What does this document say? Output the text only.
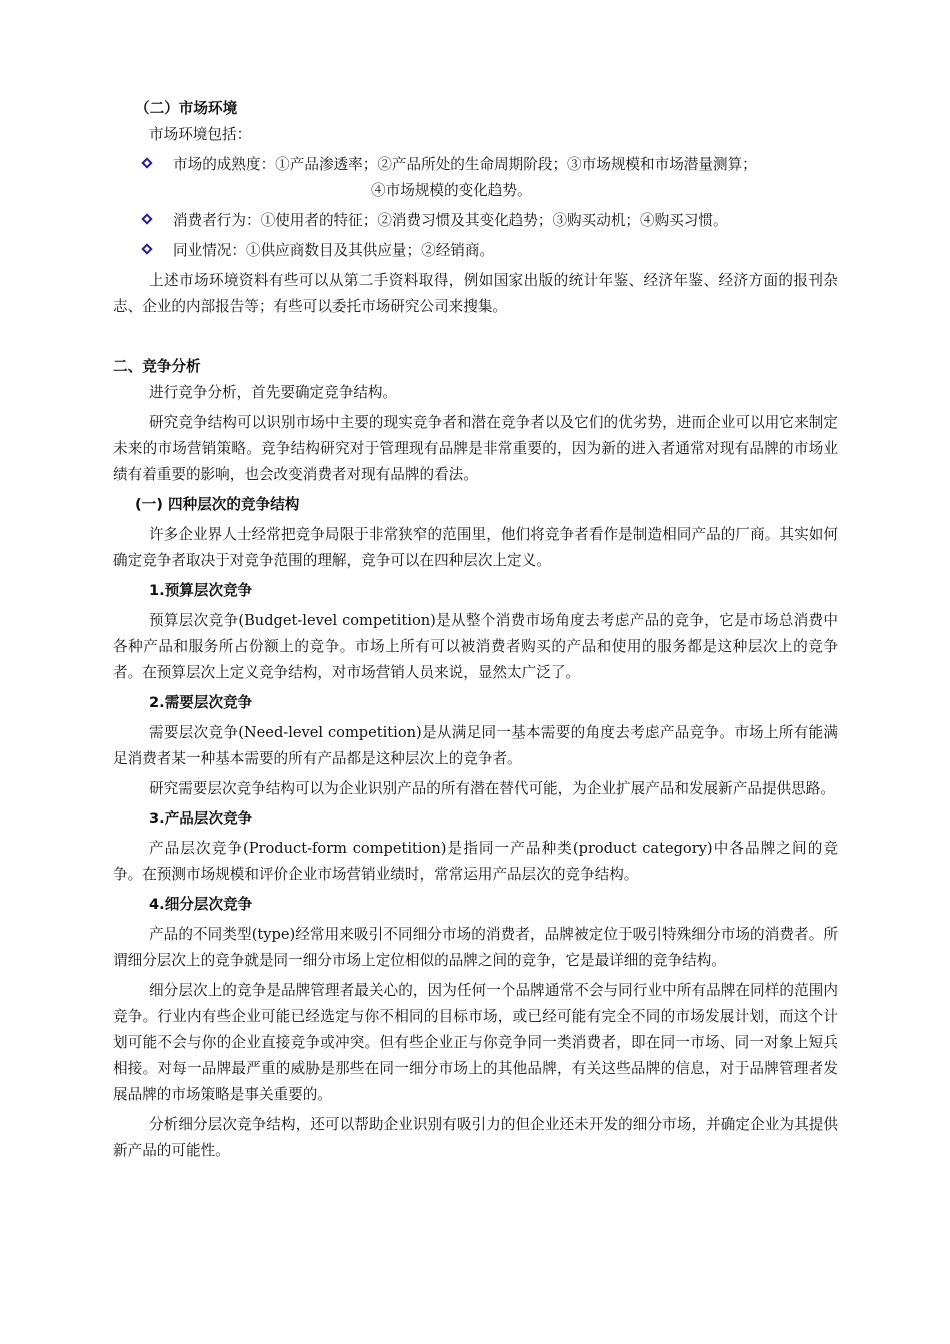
（二）市场环境

市场环境包括：

市场的成熟度：①产品渗透率；②产品所处的生命周期阶段；③市场规模和市场潜量测算；

④市场规模的变化趋势。

消费者行为：①使用者的特征；②消费习惯及其变化趋势；③购买动机；④购买习惯。

同业情况：①供应商数目及其供应量；②经销商。

上述市场环境资料有些可以从第二手资料取得，例如国家出版的统计年鉴、经济年鉴、经济方面的报刊杂志、企业的内部报告等；有些可以委托市场研究公司来搜集。

二、竞争分析

进行竞争分析，首先要确定竞争结构。

研究竞争结构可以识别市场中主要的现实竞争者和潜在竞争者以及它们的优劣势，进而企业可以用它来制定未来的市场营销策略。竞争结构研究对于管理现有品牌是非常重要的，因为新的进入者通常对现有品牌的市场业绩有着重要的影响，也会改变消费者对现有品牌的看法。

(一) 四种层次的竞争结构

许多企业界人士经常把竞争局限于非常狭窄的范围里，他们将竞争者看作是制造相同产品的厂商。其实如何确定竞争者取决于对竞争范围的理解，竞争可以在四种层次上定义。

1.预算层次竞争

预算层次竞争(Budget-level competition)是从整个消费市场角度去考虑产品的竞争，它是市场总消费中各种产品和服务所占份额上的竞争。市场上所有可以被消费者购买的产品和使用的服务都是这种层次上的竞争者。在预算层次上定义竞争结构，对市场营销人员来说，显然太广泛了。

2.需要层次竞争

需要层次竞争(Need-level competition)是从满足同一基本需要的角度去考虑产品竞争。市场上所有能满足消费者某一种基本需要的所有产品都是这种层次上的竞争者。

研究需要层次竞争结构可以为企业识别产品的所有潜在替代可能，为企业扩展产品和发展新产品提供思路。

3.产品层次竞争

产品层次竞争(Product-form competition)是指同一产品种类(product category)中各品牌之间的竞争。在预测市场规模和评价企业市场营销业绩时，常常运用产品层次的竞争结构。

4.细分层次竞争

产品的不同类型(type)经常用来吸引不同细分市场的消费者，品牌被定位于吸引特殊细分市场的消费者。所谓细分层次上的竞争就是同一细分市场上定位相似的品牌之间的竞争，它是最详细的竞争结构。

细分层次上的竞争是品牌管理者最关心的，因为任何一个品牌通常不会与同行业中所有品牌在同样的范围内竞争。行业内有些企业可能已经选定与你不相同的目标市场，或已经可能有完全不同的市场发展计划，而这个计划可能不会与你的企业直接竞争或冲突。但有些企业正与你竞争同一类消费者，即在同一市场、同一对象上短兵相接。对每一品牌最严重的威胁是那些在同一细分市场上的其他品牌，有关这些品牌的信息，对于品牌管理者发展品牌的市场策略是事关重要的。

分析细分层次竞争结构，还可以帮助企业识别有吸引力的但企业还未开发的细分市场，并确定企业为其提供新产品的可能性。
